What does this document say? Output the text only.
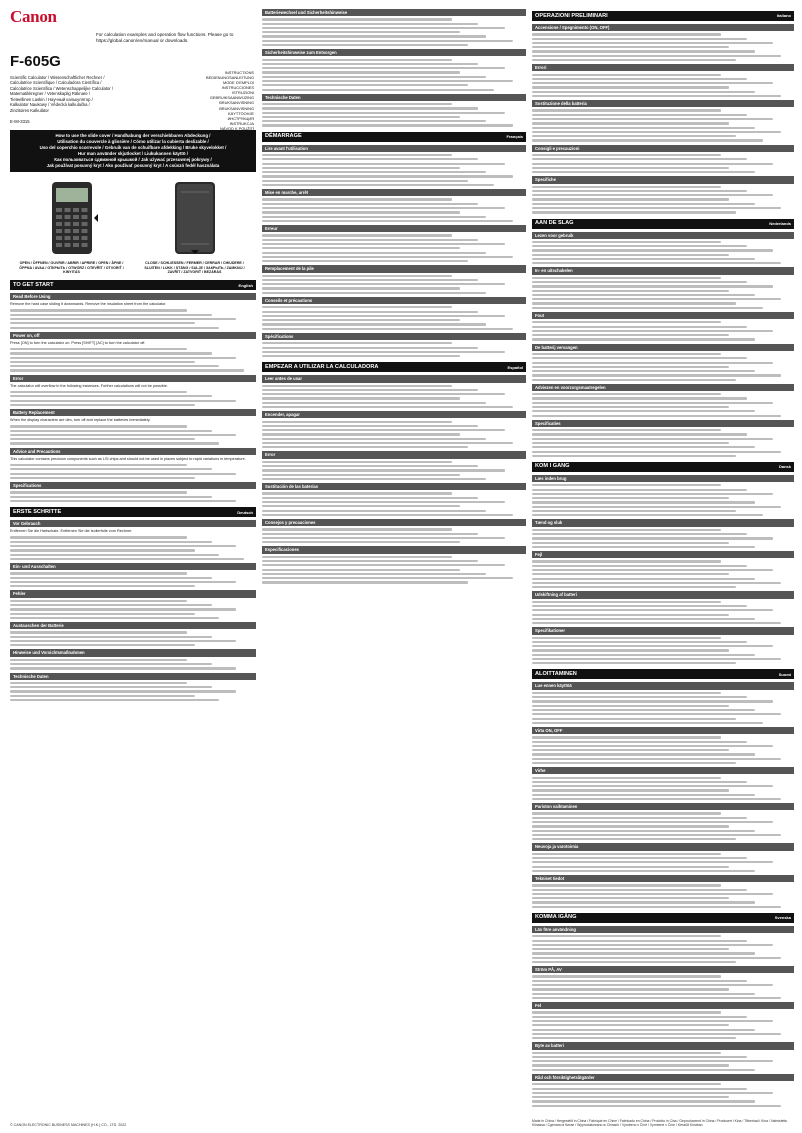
Canon
For calculation examples and operation flow functions. Please go to https://global.canon/en/manual or downloads.
F-605G
Scientific Calculator / Wissenschaftlicher Rechner /
Calculatrice Scientifique / Calculadora Científica /
Calcolatrice Scientifica / Wetenschappelijke Calculator /
Matematikkregner / Vetenskaplig Räknare /
Tieteellinen Laskin / Научный калькулятор /
Kalkulator Naukowy / Vědecká kalkulačka /
Zinzitoires Kalkulátor
INSTRUCTIONS
BEDIENUNGSANLEITUNG
MODE D'EMPLOI
INSTRUCCIONES
ISTRUZIONI
GEBRUIKSAANWIJZING
BRUKSANVISNING
BRUKSANVISNING
KÄYTTÖOHJE
ИНСТРУКЦИЯ
INSTRUKCJA
NÁVOD K POUŽITÍ
POKYNY
UTASÍTÁS
E-IM-3315
How to use the slide cover / Handhabung der verschiebbaren Abdeckung /
Utilisation du couvercle à glissière / Cómo utilizar la cubierta deslizable /
Uso del coperchio scorrevole / Gebruik van de schuifbare afdekking / Bruke skyvelokket /
Hur man använder skjutlocket / Liukukannen käyttö /
Как пользоваться сдвижной крышкой / Jak używać przesuwnej pokrywy /
Jak používat posuvný kryt / Ako používať posuvný kryt / A csúszó fedél használata
OPEN / ÖFFNEN / OUVRIR / ABRIR / APRIRE / OPEN / ÅPNE / ÖPPNA / AVAA / ОТКРЫТЬ / OTWÓRZ / OTEVŘÍT / OTVORIŤ / KINYITÁS
CLOSE / SCHLIESSEN / FERMER / CERRAR / CHIUDERE / SLUITEN / LUKK / STÄNG / SULJE / ЗАКРЫТЬ / ZAMKNIJ / ZAVŘÍT / ZATVORIŤ / BEZÁRÁS
TO GET START	English
Read Before Using
Remove the hard case sliding it downwards. Remove the insulation sheet from the calculator.
Power on, off
Press [ON] to turn the calculator on. Press [SHIFT] [AC] to turn the calculator off.
Error
The calculator will overflow in the following instances. Further calculations will not be possible.
Battery Replacement
When the display characters are dim, turn off and replace the batteries immediately.
Advice and Precautions
This calculator contains precision components such as LSI chips and should not be used in places subject to rapid variations in temperature.
Specifications
ERSTE SCHRITTE	Deutsch
Vor Gebrauch
Entfernen Sie die Hartschale. Entfernen Sie die Isolierfolie vom Rechner.
Ein- und Ausschalten
Fehler
Austauschen der Batterie
Hinweise und Vorsichtsmaßnahmen
Technische Daten
Batteriewechsel und Sicherheitshinweise
Sicherheitshinweise zum Entsorgen
Technische Daten
DÉMARRAGE	Français
Lire avant l'utilisation
Mise en marche, arrêt
Erreur
Remplacement de la pile
Conseils et précautions
Spécifications
EMPEZAR A UTILIZAR LA CALCULADORA	Español
Leer antes de usar
Encender, apagar
Error
Sustitución de las baterías
Consejos y precauciones
Especificaciones
OPERAZIONI PRELIMINARI	Italiano
Accensione / Spegnimento (ON, OFF)
Errori
Sostituzione della batteria
Consigli e precauzioni
Specifiche
AAN DE SLAG	Nederlands
Lezen voor gebruik
In- en uitschakelen
Fout
De batterij vervangen
Adviezen en voorzorgsmaatregelen
Specificaties
KOM I GANG	Dansk
Læs inden brug
Tænd og sluk
Fejl
Udskiftning af batteri
Specifikationer
ALOITTAMINEN	Suomi
Lue ennen käyttöä
Virta ON, OFF
Virhe
Pariston vaihtaminen
Neuvoja ja varotoimia
Tekniset tiedot
KOMMA IGÅNG	Svenska
Läs före användning
Ström PÅ, AV
Fel
Byte av batteri
Råd och försiktighetsåtgärder
© CANON ELECTRONIC BUSINESS MACHINES (H.K.) CO., LTD. 2022
Made in China / Hergestellt in China / Fabriqué en Chine / Fabricado en China / Prodotto in Cina / Geproduceerd in China / Produsert i Kina / Tillverkad i Kina / Valmistettu Kiinassa / Сделано в Китае / Wyprodukowano w Chinach / Vyrobeno v Číně / Vyrobené v Číne / Készült Kínában
